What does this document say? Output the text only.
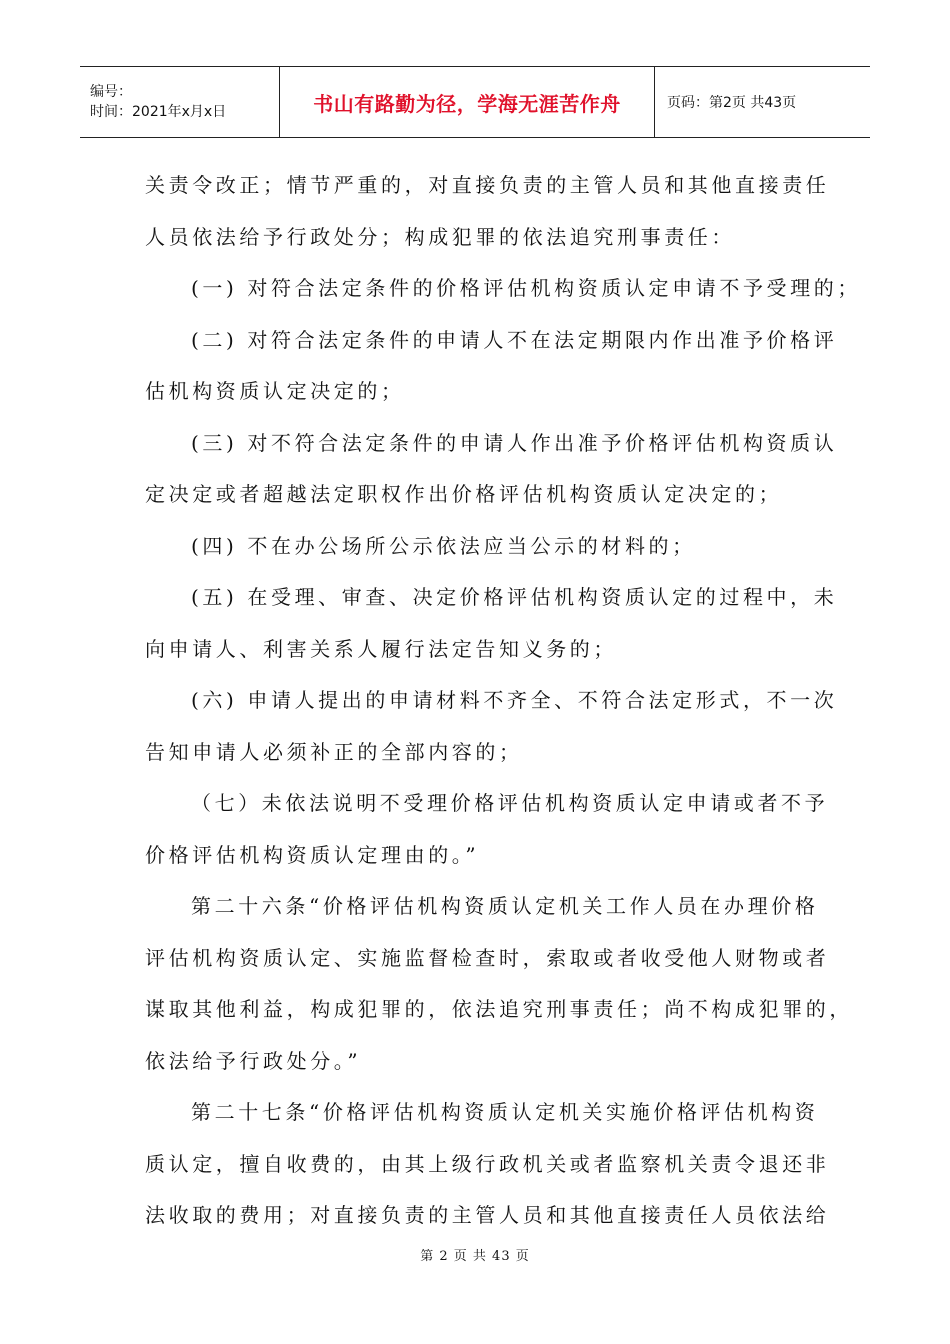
编号：
时间：2021年x月x日	书山有路勤为径，学海无涯苦作舟	页码：第2页 共43页
关责令改正；情节严重的，对直接负责的主管人员和其他直接责任
人员依法给予行政处分；构成犯罪的依法追究刑事责任：
(一) 对符合法定条件的价格评估机构资质认定申请不予受理的；
(二) 对符合法定条件的申请人不在法定期限内作出准予价格评
估机构资质认定决定的；
(三) 对不符合法定条件的申请人作出准予价格评估机构资质认
定决定或者超越法定职权作出价格评估机构资质认定决定的；
(四) 不在办公场所公示依法应当公示的材料的；
(五) 在受理、审查、决定价格评估机构资质认定的过程中，未
向申请人、利害关系人履行法定告知义务的；
(六) 申请人提出的申请材料不齐全、不符合法定形式，不一次
告知申请人必须补正的全部内容的；
（七）未依法说明不受理价格评估机构资质认定申请或者不予
价格评估机构资质认定理由的。”
第二十六条“价格评估机构资质认定机关工作人员在办理价格
评估机构资质认定、实施监督检查时，索取或者收受他人财物或者
谋取其他利益，构成犯罪的，依法追究刑事责任；尚不构成犯罪的，
依法给予行政处分。”
第二十七条“价格评估机构资质认定机关实施价格评估机构资
质认定，擅自收费的，由其上级行政机关或者监察机关责令退还非
法收取的费用；对直接负责的主管人员和其他直接责任人员依法给
第 2 页 共 43 页
